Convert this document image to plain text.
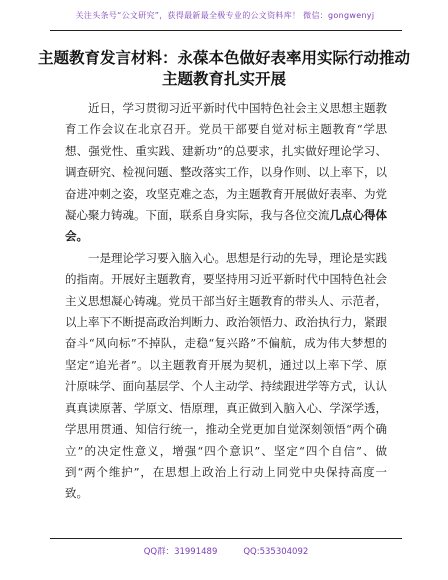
关注头条号“公文研究”，获得最新最全极专业的公文资料库！ 微信：gongwenyj
主题教育发言材料：永葆本色做好表率用实际行动推动主题教育扎实开展

近日，学习贯彻习近平新时代中国特色社会主义思想主题教育工作会议在北京召开。党员干部要自觉对标主题教育“学思想、强党性、重实践、建新功”的总要求，扎实做好理论学习、调查研究、检视问题、整改落实工作，以身作则、以上率下，以奋进冲刺之姿，攻坚克难之态，为主题教育开展做好表率、为党凝心聚力铸魂。下面，联系自身实际，我与各位交流几点心得体会。

一是理论学习要入脑入心。思想是行动的先导，理论是实践的指南。开展好主题教育，要坚持用习近平新时代中国特色社会主义思想凝心铸魂。党员干部当好主题教育的带头人、示范者，以上率下不断提高政治判断力、政治领悟力、政治执行力，紧跟奋斗“风向标”不掉队，走稳“复兴路”不偏航，成为伟大梦想的坚定“追光者”。以主题教育开展为契机，通过以上率下学、原汁原味学、面向基层学、个人主动学、持续跟进学等方式，认认真真读原著、学原文、悟原理，真正做到入脑入心、学深学透，学思用贯通、知信行统一，推动全党更加自觉深刻领悟“两个确立”的决定性意义，增强“四个意识”、坚定“四个自信”、做到“两个维护”，在思想上政治上行动上同党中央保持高度一致。

QQ群：31991489	QQ:535304092
